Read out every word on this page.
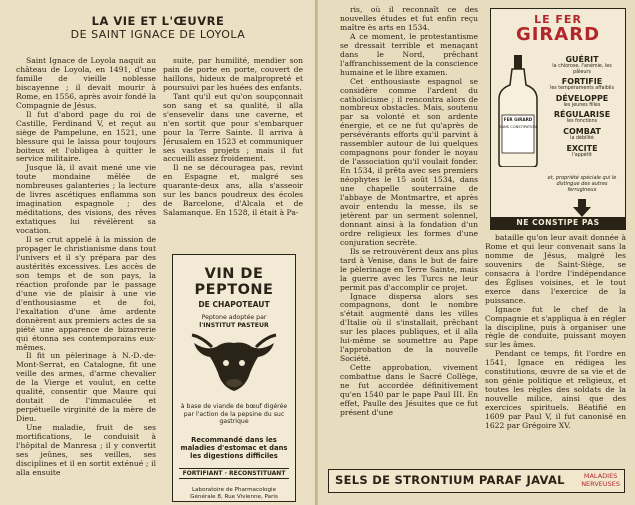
LA VIE ET L'ŒUVRE
DE SAINT IGNACE DE LOYOLA

Saint Ignace de Loyola naquit au château de Loyola, en 1491, d'une famille de vieille noblesse biscayenne ; il devait mourir à Rome, en 1556, après avoir fondé la Compagnie de Jésus.

Il fut d'abord page du roi de Castille, Ferdinand V, et reçut au siège de Pampelune, en 1521, une blessure qui le laissa pour toujours boiteux et l'obligea à quitter le service militaire.

Jusque là, il avait mené une vie toute mondaine mêlée de nombreuses galanteries ; la lecture de livres ascétiques enflamma son imagination espagnole ; des méditations, des visions, des rêves extatiques lui révélèrent sa vocation.

Il se crut appelé à la mission de propager le christianisme dans tout l'univers et il s'y prépara par des austérités excessives. Les accès de son temps et de son pays, la réaction profonde par le passage d'une vie de plaisir à une vie d'enthousiasme et de foi, l'exaltation d'une âme ardente donnèrent aux premiers actes de sa piété une apparence de bizarrerie qui étonna ses contemporains eux-mêmes.

Il fit un pèlerinage à N.-D.-de-Mont-Serrat, en Catalogne, fit une veille des armes, d'arme chevalier de la Vierge et voulut, en cette qualité, consentir que Maure qui doutait de l'immaculée et perpétuelle virginité de la mère de Dieu.

Une maladie, fruit de ses mortifications, le conduisit à l'hôpital de Manresa ; il y convertit ses jeûnes, ses veilles, ses disciplines et il en sortit exténué ; il alla ensuite

suite, par humilité, mendier son pain de porte en porte, couvert de haillons, hideux de malpropreté et poursuivi par les huées des enfants.

Tant qu'il eut qu'on soupçonnait son sang et sa qualité, il alla s'ensevelir dans une caverne, et n'en sortit que pour s'embarquer pour la Terre Sainte. Il arriva à Jérusalem en 1523 et communiquer ses vastes projets ; mais il fut accueilli assez froidement.

Il ne se découragea pas, revint en Espagne et, malgré ses quarante-deux ans, alla s'asseoir sur les bancs poudreux des écoles de Barcelone, d'Alcala et de Salamanque. En 1528, il était à Pa-

VIN DE PEPTONE
DE CHAPOTEAUT
Peptone adoptée par
l'INSTITUT PASTEUR
à base de viande de bœuf digérée par l'action de la pepsine du suc gastrique
Recommandé dans les maladies d'estomac et dans les digestions difficiles
FORTIFIANT · RECONSTITUANT
Laboratoire de Pharmacologie Générale 8, Rue Vivienne, Paris

ris, où il reconnaît ce des nouvelles études et fut enfin reçu maître ès arts en 1534.

A ce moment, le protestantisme se dressait terrible et menaçant dans le Nord, prêchant l'affranchissement de la conscience humaine et le libre examen.

Cet enthousiaste espagnol se considère comme l'ardent du catholicisme ; il rencontra alors de nombreux obstacles. Mais, soutenu par sa volonté et son ardente énergie, et ce ne fut qu'après de persévérants efforts qu'il parvint à rassembler autour de lui quelques compagnons pour fonder le noyau de l'association qu'il voulait fonder. En 1534, il prêta avec ses premiers néophytes le 15 août 1534, dans une chapelle souterraine de l'abbaye de Montmartre, et après avoir entendu la messe, ils se jetèrent par un serment solennel, donnant ainsi à la fondation d'un ordre religieux les formes d'une conjuration secrète.

Ils se retrouvèrent deux ans plus tard à Venise, dans le but de faire le pèlerinage en Terre Sainte, mais la guerre avec les Turcs ne leur permit pas d'accomplir ce projet.

Ignace dispersa alors ses compagnons, dont le nombre s'était augmenté dans les villes d'Italie où il s'installait, prêchant sur les places publiques, et il alla lui-même se soumettre au Pape l'approbation de la nouvelle Société.

Cette approbation, vivement combattue dans le Sacré Collège, ne fut accordée définitivement qu'en 1540 par le pape Paul III. En effet, Paulle des Jésuites que ce fut présent d'une

bataille qu'on leur avait donnée à Rome et qui leur convenait sans la nomme de Jésus, malgré les souvenirs de Saint-Siège, se consacra à l'ordre l'indépendance des Églises voisines, et le tout exerce dans l'exercice de la puissance.

Ignace fut le chef de la Compagnie et s'appliqua à en régler la discipline, puis à organiser une règle de conduite, puissant moyen sur les âmes.

Pendant ce temps, fit l'ordre en 1541, Ignace en rédigea les constitutions, œuvre de sa vie et de son génie politique et religieux, et toutes les règles des soldats de la nouvelle milice, ainsi que des exercices spirituels. Béatifié en 1609 par Paul V, il fut canonisé en 1622 par Grégoire XV.

LE FER
GIRARD
FER GIRARD
SANS CONSTIPATION
GUÉRIT
la chlorose, l'anémie, les pâleurs
FORTIFIE
les tempéraments affaiblis
DÉVELOPPE
les jeunes filles
RÉGULARISE
les fonctions
COMBAT
la débilité
EXCITE
l'appétit
et, propriété spéciale qui le distingue des autres ferrugineux
NE CONSTIPE PAS
SELS DE STRONTIUM PARAF JAVAL	MALADIES
NERVEUSES
